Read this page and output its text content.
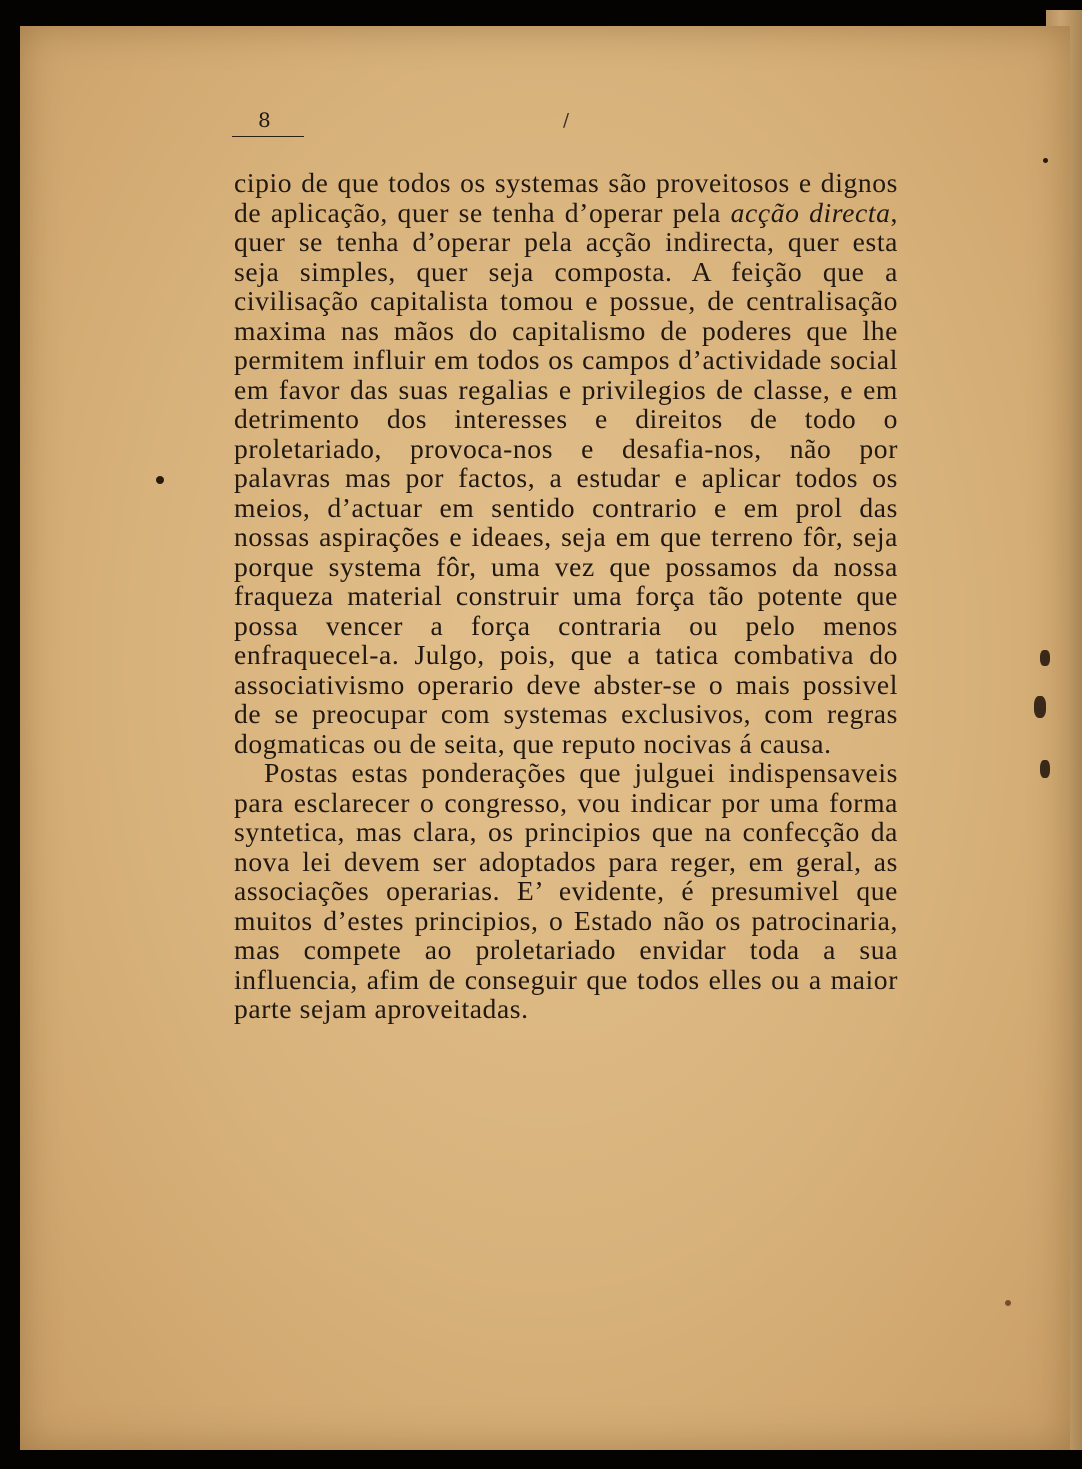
8	/

cipio de que todos os systemas são proveitosos e dignos de aplicação, quer se tenha d’operar pela acção directa, quer se tenha d’operar pela acção indirecta, quer esta seja simples, quer seja composta. A feição que a civilisação capitalista tomou e possue, de centralisação maxima nas mãos do capitalismo de poderes que lhe permitem influir em todos os campos d’actividade social em favor das suas regalias e privilegios de classe, e em detrimento dos interesses e direitos de todo o proletariado, provoca-nos e desafia-nos, não por palavras mas por factos, a estudar e aplicar todos os meios, d’actuar em sentido contrario e em prol das nossas aspirações e ideaes, seja em que terreno fôr, seja porque systema fôr, uma vez que possamos da nossa fraqueza material construir uma força tão potente que possa vencer a força contraria ou pelo menos enfraquecel-a. Julgo, pois, que a tatica combativa do associativismo operario deve abster-se o mais possivel de se preocupar com systemas exclusivos, com regras dogmaticas ou de seita, que reputo nocivas á causa.

Postas estas ponderações que julguei indispensaveis para esclarecer o congresso, vou indicar por uma forma syntetica, mas clara, os principios que na confecção da nova lei devem ser adoptados para reger, em geral, as associações operarias. E’ evidente, é presumivel que muitos d’estes principios, o Estado não os patrocinaria, mas compete ao proletariado envidar toda a sua influencia, afim de conseguir que todos elles ou a maior parte sejam aproveitadas.
